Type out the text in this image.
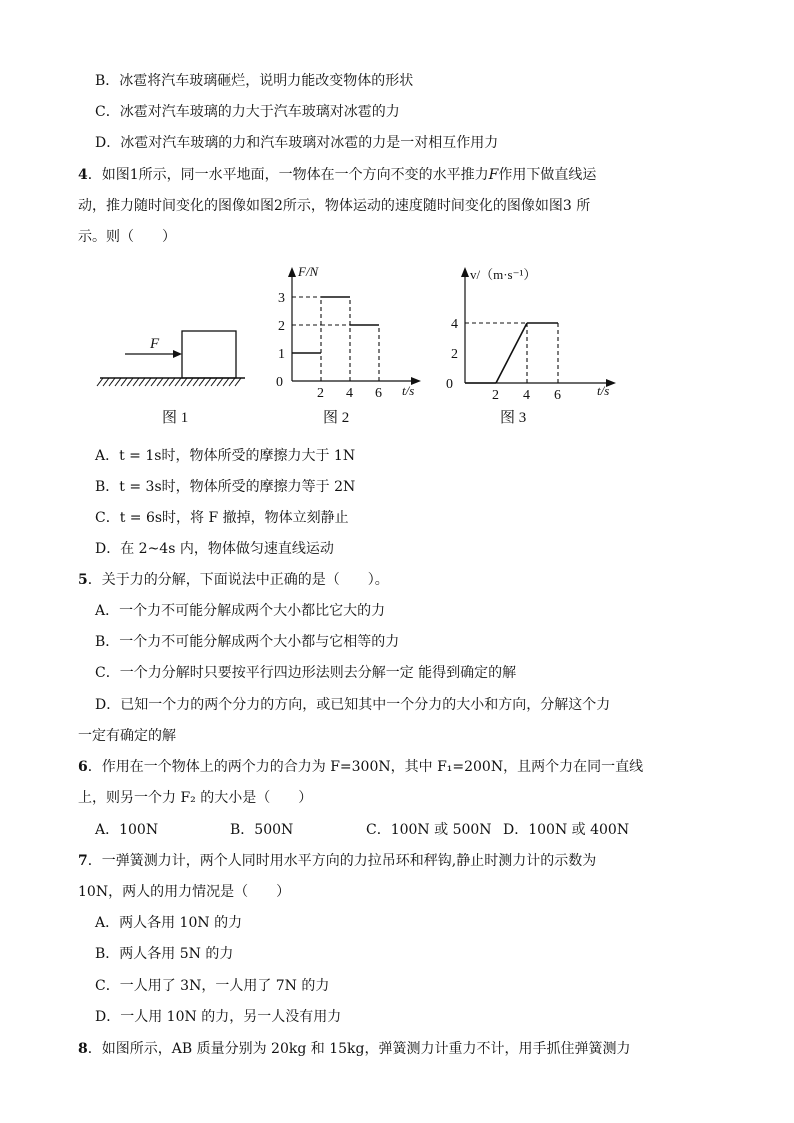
B．冰雹将汽车玻璃砸烂，说明力能改变物体的形状
C．冰雹对汽车玻璃的力大于汽车玻璃对冰雹的力
D．冰雹对汽车玻璃的力和汽车玻璃对冰雹的力是一对相互作用力
4．如图1所示，同一水平地面，一物体在一个方向不变的水平推力F作用下做直线运
动，推力随时间变化的图像如图2所示，物体运动的速度随时间变化的图像如图3 所
示。则（　　）
F
图 1
F/N
t/s
0
1
2
3
2 4 6
图 2
v/（m·s⁻¹）
t/s
0
2
4
2 4 6
图 3
A．t = 1s时，物体所受的摩擦力大于 1N
B．t = 3s时，物体所受的摩擦力等于 2N
C．t = 6s时，将 F 撤掉，物体立刻静止
D．在 2~4s 内，物体做匀速直线运动
5．关于力的分解，下面说法中正确的是（　　）。
A．一个力不可能分解成两个大小都比它大的力
B．一个力不可能分解成两个大小都与它相等的力
C．一个力分解时只要按平行四边形法则去分解一定 能得到确定的解
D．已知一个力的两个分力的方向，或已知其中一个分力的大小和方向，分解这个力
一定有确定的解
6．作用在一个物体上的两个力的合力为 F=300N，其中 F₁=200N，且两个力在同一直线
上，则另一个力 F₂ 的大小是（　　）
A．100N	B．500N	C．100N 或 500N D．100N 或 400N
7．一弹簧测力计，两个人同时用水平方向的力拉吊环和秤钩,静止时测力计的示数为
10N，两人的用力情况是（　　）
A．两人各用 10N 的力
B．两人各用 5N 的力
C．一人用了 3N，一人用了 7N 的力
D．一人用 10N 的力，另一人没有用力
8．如图所示，AB 质量分别为 20kg 和 15kg，弹簧测力计重力不计，用手抓住弹簧测力
